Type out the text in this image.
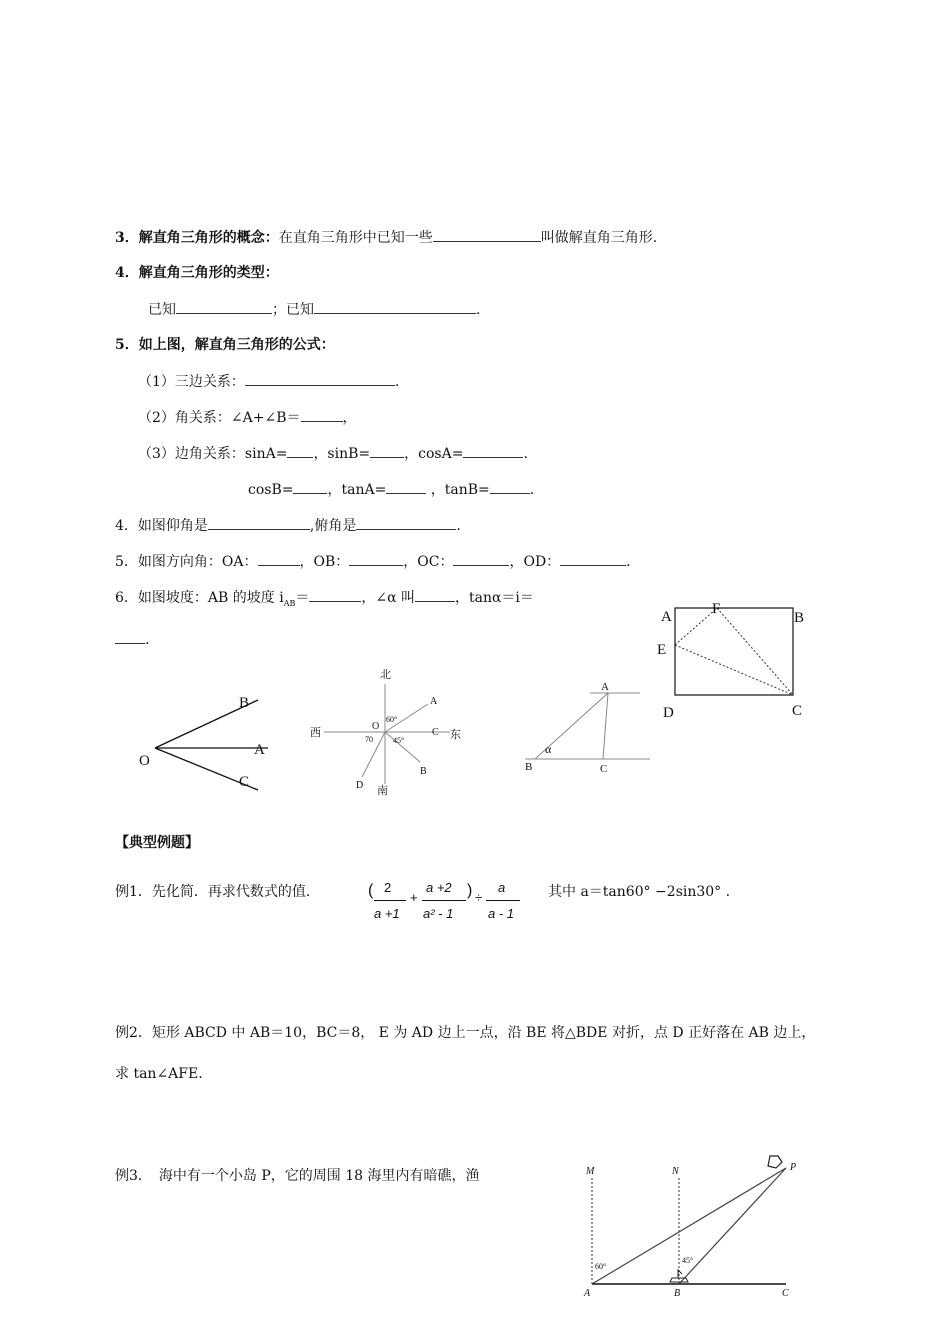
3．解直角三角形的概念：在直角三角形中已知一些	叫做解直角三角形.
4．解直角三角形的类型：
已知	；已知	.
5．如上图，解直角三角形的公式：
（1）三边关系：	.
（2）角关系：∠A+∠B＝	，
（3）边角关系：sinA= ，sinB= ，cosA=	.
cosB= ，tanA=	，tanB=	.
4．如图仰角是	,俯角是	.
5．如图方向角：OA：	，OB：	，OC：	，OD：	.
6．如图坡度：AB 的坡度 $i_{AB}=$	，∠α 叫	，tanα＝i＝
.
O
A
B
C
北
南
西	东
O
A
B
C
D
60°
70	45°
A
B	C
α
A	B
C
D
E
F
【典型例题】
例1．先化简．再求代数式的值．	( 2
a +1
+
a +2
a² - 1
) ÷
a
a - 1
其中 a＝tan60° −2sin30° .
例2．矩形 ABCD 中 AB＝10，BC＝8， E 为 AD 边上一点，沿 BE 将△BDE 对折，点 D 正好落在 AB 边上，
求 tan∠AFE.
例3．　海中有一个小岛 P，它的周围 18 海里内有暗礁，渔	M	N	P
A	B	C
60°
45°
